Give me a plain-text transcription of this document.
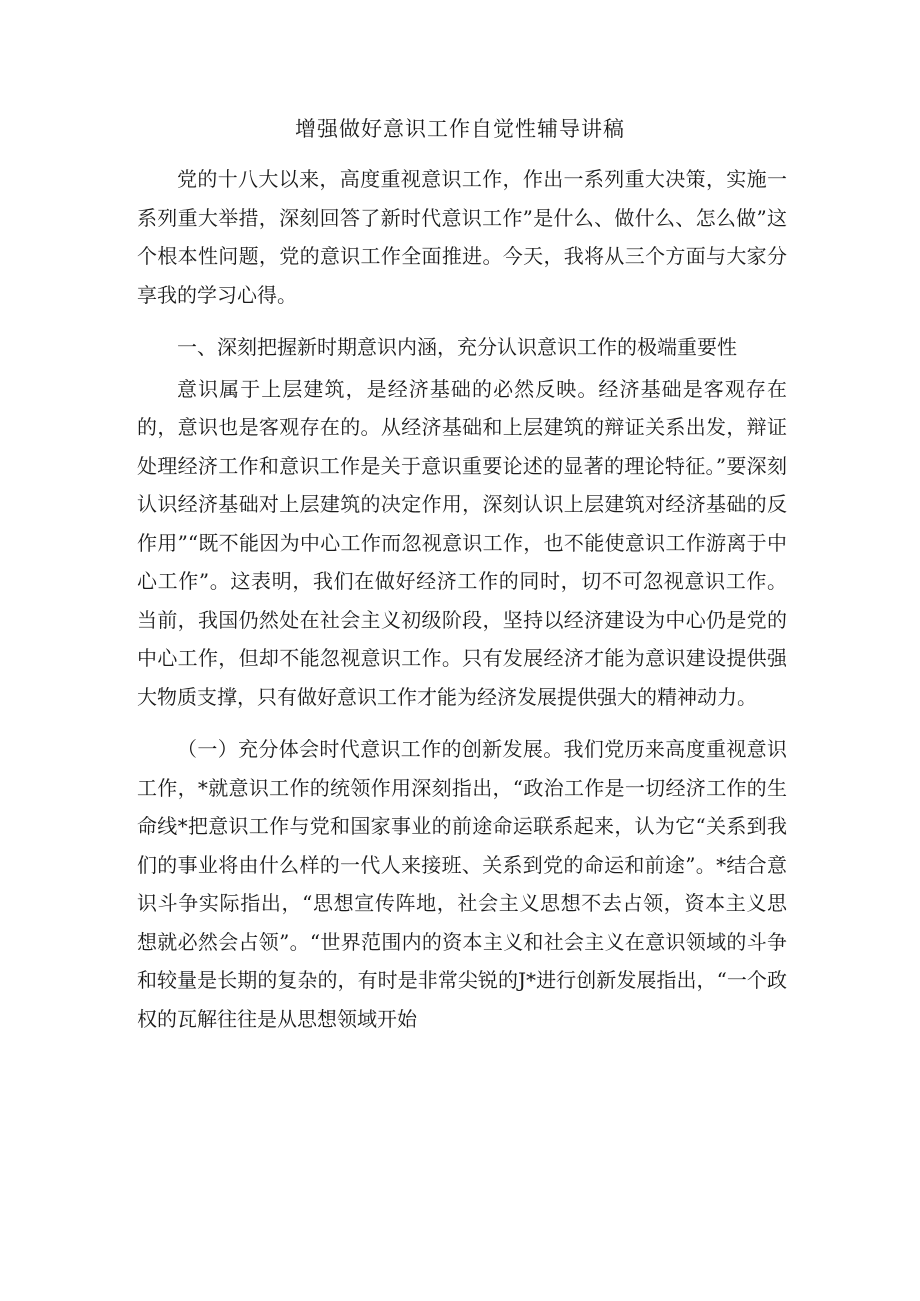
增强做好意识工作自觉性辅导讲稿

党的十八大以来，高度重视意识工作，作出一系列重大决策，实施一系列重大举措，深刻回答了新时代意识工作”是什么、做什么、怎么做”这个根本性问题，党的意识工作全面推进。今天，我将从三个方面与大家分享我的学习心得。

一、深刻把握新时期意识内涵，充分认识意识工作的极端重要性

意识属于上层建筑，是经济基础的必然反映。经济基础是客观存在的，意识也是客观存在的。从经济基础和上层建筑的辩证关系出发，辩证处理经济工作和意识工作是关于意识重要论述的显著的理论特征。”要深刻认识经济基础对上层建筑的决定作用，深刻认识上层建筑对经济基础的反作用”“既不能因为中心工作而忽视意识工作，也不能使意识工作游离于中心工作”。这表明，我们在做好经济工作的同时，切不可忽视意识工作。当前，我国仍然处在社会主义初级阶段，坚持以经济建设为中心仍是党的中心工作，但却不能忽视意识工作。只有发展经济才能为意识建设提供强大物质支撑，只有做好意识工作才能为经济发展提供强大的精神动力。

（一）充分体会时代意识工作的创新发展。我们党历来高度重视意识工作，*就意识工作的统领作用深刻指出，“政治工作是一切经济工作的生命线*把意识工作与党和国家事业的前途命运联系起来，认为它“关系到我们的事业将由什么样的一代人来接班、关系到党的命运和前途”。*结合意识斗争实际指出，“思想宣传阵地，社会主义思想不去占领，资本主义思想就必然会占领”。“世界范围内的资本主义和社会主义在意识领域的斗争和较量是长期的复杂的，有时是非常尖锐的J*进行创新发展指出，“一个政权的瓦解往往是从思想领域开始
